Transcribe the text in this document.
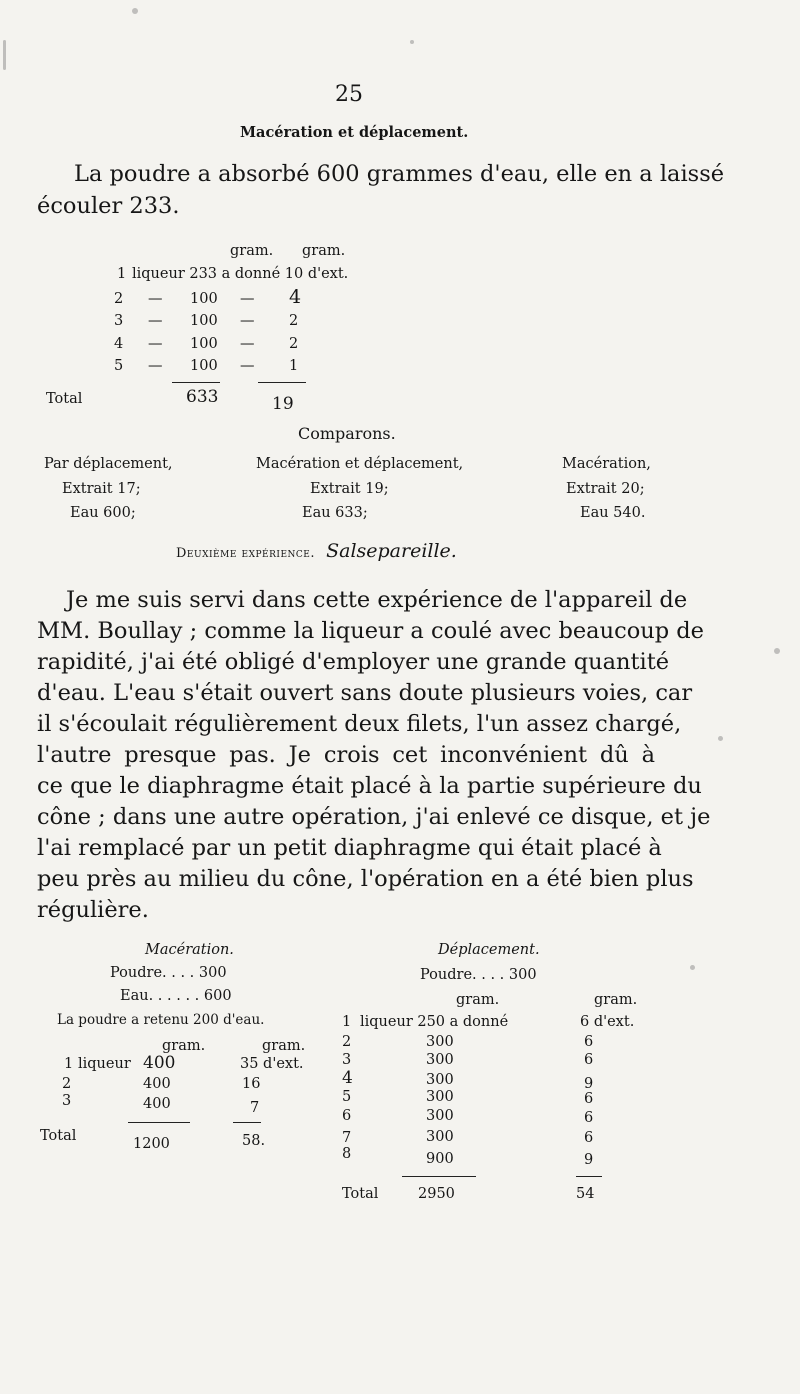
25
Macération et déplacement.
La poudre a absorbé 600 grammes d'eau, elle en a laissé
écouler 233.
gram. gram.
1 liqueur 233 a donné 10 d'ext.
2 — 100 — 4
3 — 100 — 2
4 — 100 — 2
5 — 100 — 1
Total	633	19
Comparons.
Par déplacement,	Macération et déplacement,	Macération,
Extrait 17;	Extrait 19;	Extrait 20;
Eau 600;	Eau 633;	Eau 540.
Deuxième expérience. Salsepareille.
Je me suis servi dans cette expérience de l'appareil de
MM. Boullay ; comme la liqueur a coulé avec beaucoup de
rapidité, j'ai été obligé d'employer une grande quantité
d'eau. L'eau s'était ouvert sans doute plusieurs voies, car
il s'écoulait régulièrement deux filets, l'un assez chargé,
l'autre presque pas. Je crois cet inconvénient dû à
ce que le diaphragme était placé à la partie supérieure du
cône ; dans une autre opération, j'ai enlevé ce disque, et je
l'ai remplacé par un petit diaphragme qui était placé à
peu près au milieu du cône, l'opération en a été bien plus
régulière.
Macération.
Poudre. . . . 300
Eau. . . . . . 600
La poudre a retenu 200 d'eau.
gram.	gram.
1 liqueur 400	35 d'ext.
2	400	16
3	400	7
Total	1200	58.
Déplacement.
Poudre. . . . 300
gram.	gram.
1 liqueur 250 a donné	6 d'ext.
2	300	6
3	300	6
4	300	9
5	300	6
6	300	6
7	300	6
8	900	9
Total	2950	54
